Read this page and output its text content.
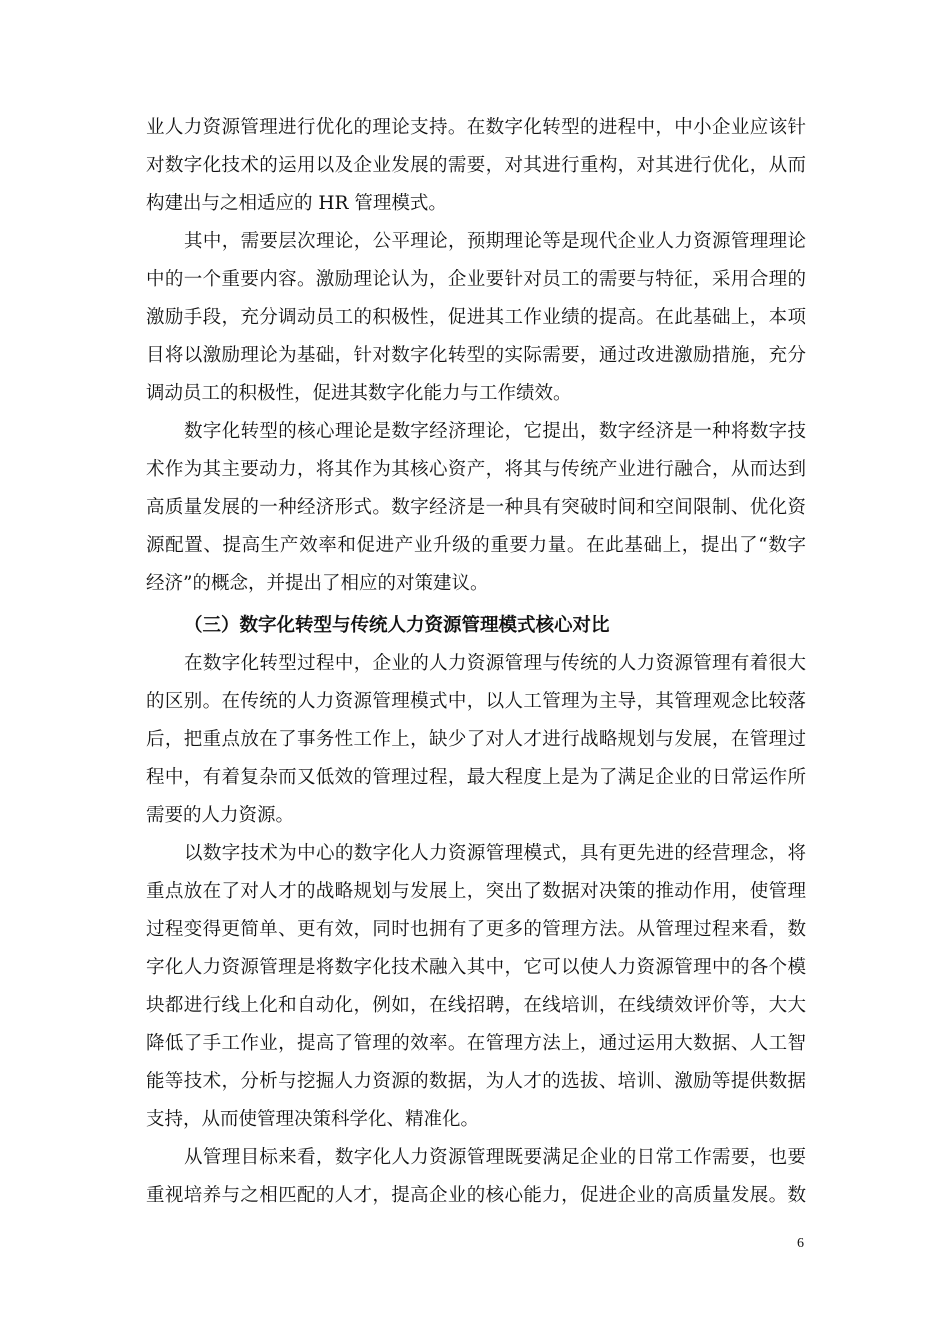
业人力资源管理进行优化的理论支持。在数字化转型的进程中，中小企业应该针
对数字化技术的运用以及企业发展的需要，对其进行重构，对其进行优化，从而
构建出与之相适应的 HR 管理模式。
其中，需要层次理论，公平理论，预期理论等是现代企业人力资源管理理论
中的一个重要内容。激励理论认为，企业要针对员工的需要与特征，采用合理的
激励手段，充分调动员工的积极性，促进其工作业绩的提高。在此基础上，本项
目将以激励理论为基础，针对数字化转型的实际需要，通过改进激励措施，充分
调动员工的积极性，促进其数字化能力与工作绩效。
数字化转型的核心理论是数字经济理论，它提出，数字经济是一种将数字技
术作为其主要动力，将其作为其核心资产，将其与传统产业进行融合，从而达到
高质量发展的一种经济形式。数字经济是一种具有突破时间和空间限制、优化资
源配置、提高生产效率和促进产业升级的重要力量。在此基础上，提出了“数字
经济”的概念，并提出了相应的对策建议。
（三）数字化转型与传统人力资源管理模式核心对比
在数字化转型过程中，企业的人力资源管理与传统的人力资源管理有着很大
的区别。在传统的人力资源管理模式中，以人工管理为主导，其管理观念比较落
后，把重点放在了事务性工作上，缺少了对人才进行战略规划与发展，在管理过
程中，有着复杂而又低效的管理过程，最大程度上是为了满足企业的日常运作所
需要的人力资源。
以数字技术为中心的数字化人力资源管理模式，具有更先进的经营理念，将
重点放在了对人才的战略规划与发展上，突出了数据对决策的推动作用，使管理
过程变得更简单、更有效，同时也拥有了更多的管理方法。从管理过程来看，数
字化人力资源管理是将数字化技术融入其中，它可以使人力资源管理中的各个模
块都进行线上化和自动化，例如，在线招聘，在线培训，在线绩效评价等，大大
降低了手工作业，提高了管理的效率。在管理方法上，通过运用大数据、人工智
能等技术，分析与挖掘人力资源的数据，为人才的选拔、培训、激励等提供数据
支持，从而使管理决策科学化、精准化。
从管理目标来看，数字化人力资源管理既要满足企业的日常工作需要，也要
重视培养与之相匹配的人才，提高企业的核心能力，促进企业的高质量发展。数
6
